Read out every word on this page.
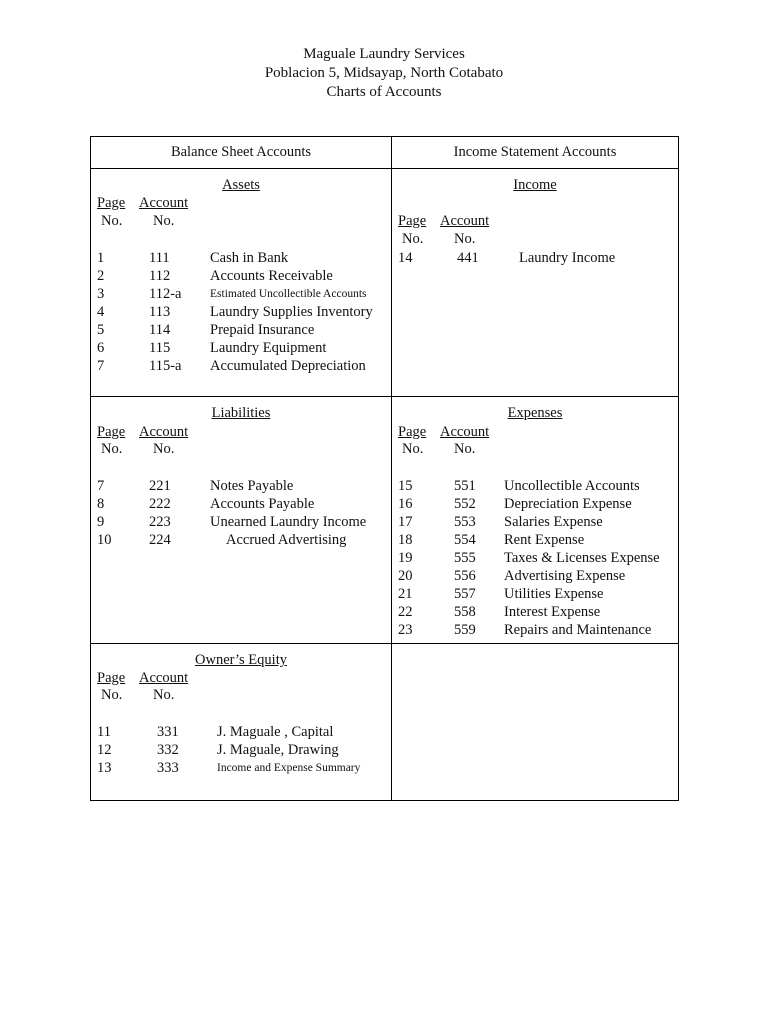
Maguale Laundry Services
Poblacion 5, Midsayap, North Cotabato
Charts of Accounts
Balance Sheet Accounts	Income Statement Accounts
Assets
Page Account
No. No.
1	111	Cash in Bank
2	112	Accounts Receivable
3	112-a Estimated Uncollectible Accounts
4	113	Laundry Supplies Inventory
5	114	Prepaid Insurance
6	115	Laundry Equipment
7	115-a Accumulated Depreciation
Income
Page Account
No. No.
14	441	Laundry Income
Liabilities
Page Account
No. No.
7	221	Notes Payable
8	222	Accounts Payable
9	223	Unearned Laundry Income
10	224	Accrued Advertising
Expenses
Page Account
No. No.
15	551 Uncollectible Accounts
16	552 Depreciation Expense
17	553 Salaries Expense
18	554 Rent Expense
19	555 Taxes & Licenses Expense
20	556 Advertising Expense
21	557 Utilities Expense
22	558 Interest Expense
23	559 Repairs and Maintenance
Owner’s Equity
Page Account
No. No.
11	331	J. Maguale , Capital
12	332	J. Maguale, Drawing
13	333	Income and Expense Summary
